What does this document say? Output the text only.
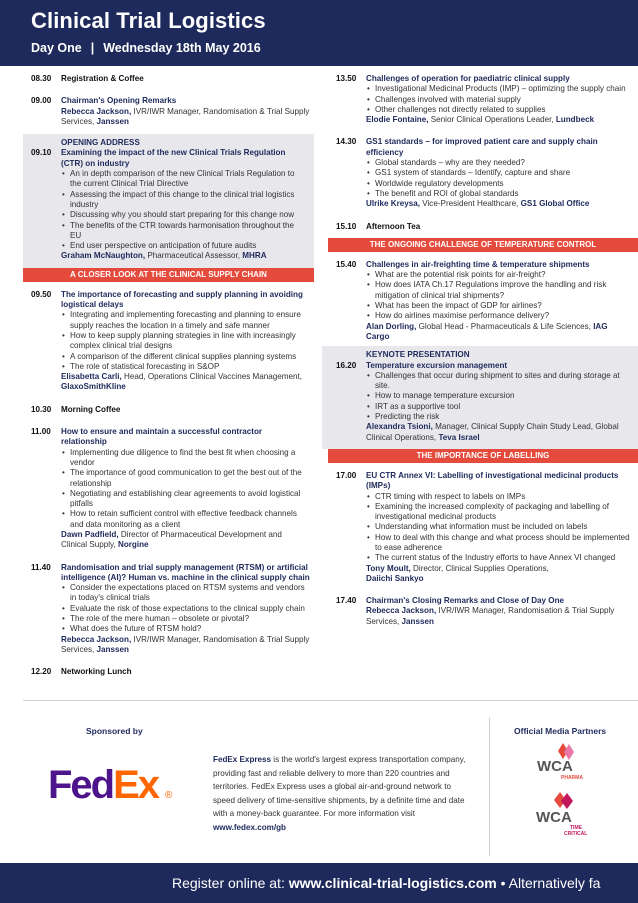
Clinical Trial Logistics
Day One | Wednesday 18th May 2016
08.30 Registration & Coffee
09.00 Chairman's Opening Remarks
Rebecca Jackson, IVR/IWR Manager, Randomisation & Trial Supply Services, Janssen
OPENING ADDRESS
09.10 Examining the impact of the new Clinical Trials Regulation (CTR) on industry
• An in depth comparison of the new Clinical Trials Regulation to the current Clinical Trial Directive
• Assessing the impact of this change to the clinical trial logistics industry
• Discussing why you should start preparing for this change now
• The benefits of the CTR towards harmonisation throughout the EU
• End user perspective on anticipation of future audits
Graham McNaughton, Pharmaceutical Assessor, MHRA
A CLOSER LOOK AT THE CLINICAL SUPPLY CHAIN
09.50 The importance of forecasting and supply planning in avoiding logistical delays
• Integrating and implementing forecasting and planning to ensure supply reaches the location in a timely and safe manner
• How to keep supply planning strategies in line with increasingly complex clinical trial designs
• A comparison of the different clinical supplies planning systems
• The role of statistical forecasting in S&OP
Elisabetta Carli, Head, Operations Clinical Vaccines Management, GlaxoSmithKline
10.30 Morning Coffee
11.00 How to ensure and maintain a successful contractor relationship
• Implementing due diligence to find the best fit when choosing a vendor
• The importance of good communication to get the best out of the relationship
• Negotiating and establishing clear agreements to avoid logistical pitfalls
• How to retain sufficient control with effective feedback channels and data monitoring as a client
Dawn Padfield, Director of Pharmaceutical Development and Clinical Supply, Norgine
11.40 Randomisation and trial supply management (RTSM) or artificial intelligence (AI)? Human vs. machine in the clinical supply chain
• Consider the expectations placed on RTSM systems and vendors in today's clinical trials
• Evaluate the risk of those expectations to the clinical supply chain
• The role of the mere human – obsolete or pivotal?
• What does the future of RTSM hold?
Rebecca Jackson, IVR/IWR Manager, Randomisation & Trial Supply Services, Janssen
12.20 Networking Lunch
13.50 Challenges of operation for paediatric clinical supply
• Investigational Medicinal Products (IMP) – optimizing the supply chain
• Challenges involved with material supply
• Other challenges not directly related to supplies
Elodie Fontaine, Senior Clinical Operations Leader, Lundbeck
14.30 GS1 standards – for improved patient care and supply chain efficiency
• Global standards – why are they needed?
• GS1 system of standards – Identify, capture and share
• Worldwide regulatory developments
• The benefit and ROI of global standards
Ulrike Kreysa, Vice-President Healthcare, GS1 Global Office
15.10 Afternoon Tea
THE ONGOING CHALLENGE OF TEMPERATURE CONTROL
15.40 Challenges in air-freighting time & temperature shipments
• What are the potential risk points for air-freight?
• How does IATA Ch.17 Regulations improve the handling and risk mitigation of clinical trial shipments?
• What has been the impact of GDP for airlines?
• How do airlines maximise performance delivery?
Alan Dorling, Global Head - Pharmaceuticals & Life Sciences, IAG Cargo
KEYNOTE PRESENTATION
16.20 Temperature excursion management
• Challenges that occur during shipment to sites and during storage at site.
• How to manage temperature excursion
• IRT as a supportive tool
• Predicting the risk
Alexandra Tsioni, Manager, Clinical Supply Chain Study Lead, Global Clinical Operations, Teva Israel
THE IMPORTANCE OF LABELLING
17.00 EU CTR Annex VI: Labelling of investigational medicinal products (IMPs)
• CTR timing with respect to labels on IMPs
• Examining the increased complexity of packaging and labelling of investigational medicinal products
• Understanding what information must be included on labels
• How to deal with this change and what process should be implemented to ease adherence
• The current status of the Industry efforts to have Annex VI changed
Tony Moult, Director, Clinical Supplies Operations,
Daiichi Sankyo
17.40 Chairman's Closing Remarks and Close of Day One
Rebecca Jackson, IVR/IWR Manager, Randomisation & Trial Supply Services, Janssen
Sponsored by	Official Media Partners
FedEx ®
FedEx Express is the world's largest express transportation company, providing fast and reliable delivery to more than 220 countries and territories. FedEx Express uses a global air-and-ground network to speed delivery of time-sensitive shipments, by a definite time and date with a money-back guarantee. For more information visit www.fedex.com/gb
WCA
PHARMA
WCA
TIME
CRITICAL
Register online at: www.clinical-trial-logistics.com • Alternatively fa
